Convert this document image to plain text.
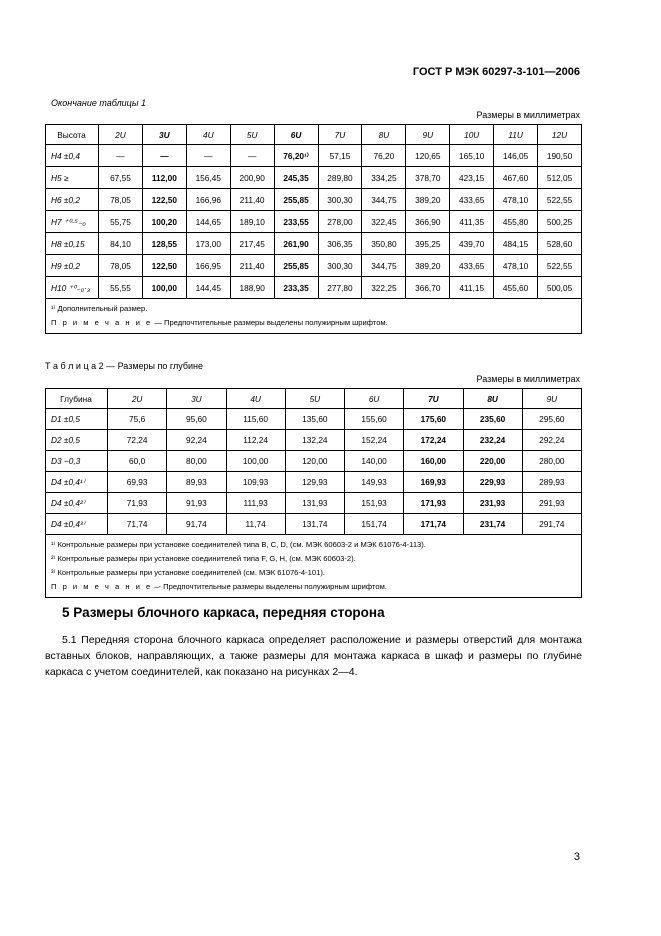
ГОСТ Р МЭК 60297-3-101—2006
Окончание таблицы 1
Размеры в миллиметрах
Высота	2U	3U	4U	5U	6U	7U	8U	9U	10U	11U	12U
H4 ±0,4	—	—	—	—	76,20¹⁾	57,15	76,20	120,65	165,10	146,05	190,50
H5 ≥	67,55	112,00	156,45	200,90	245,35	289,80	334,25	378,70	423,15	467,60	512,05
H6 ±0,2	78,05	122,50	166,96	211,40	255,85	300,30	344,75	389,20	433,65	478,10	522,55
H7 ⁺⁰·⁵₋₀	55,75	100,20	144,65	189,10	233,55	278,00	322,45	366,90	411,35	455,80	500,25
H8 ±0,15	84,10	128,55	173,00	217,45	261,90	306,35	350,80	395,25	439,70	484,15	528,60
H9 ±0,2	78,05	122,50	166,95	211,40	255,85	300,30	344,75	389,20	433,65	478,10	522,55
H10 ⁺⁰₋₀·₃	55,55	100,00	144,45	188,90	233,35	277,80	322,25	366,70	411,15	455,60	500,05

¹⁾ Дополнительный размер.
П р и м е ч а н и е — Предпочтительные размеры выделены полужирным шрифтом.											
Т а б л и ц а 2 — Размеры по глубине
Размеры в миллиметрах
Глубина	2U	3U	4U	5U	6U	7U	8U	9U
D1 ±0,5	75,6	95,60	115,60	135,60	155,60	175,60	235,60	295,60
D2 ±0,5	72,24	92,24	112,24	132,24	152,24	172,24	232,24	292,24
D3 −0,3	60,0	80,00	100,00	120,00	140,00	160,00	220,00	280,00
D4 ±0,4¹⁾	69,93	89,93	109,93	129,93	149,93	169,93	229,93	289,93
D4 ±0,4²⁾	71,93	91,93	111,93	131,93	151,93	171,93	231,93	291,93
D4 ±0,4³⁾	71,74	91,74	11,74	131,74	151,74	171,74	231,74	291,74

¹⁾ Контрольные размеры при установке соединителей типа B, C, D, (см. МЭК 60603-2 и МЭК 61076-4-113).
²⁾ Контрольные размеры при установке соединителей типа F, G, H, (см. МЭК 60603-2).
³⁾ Контрольные размеры при установке соединителей (см. МЭК 61076-4-101).
П р и м е ч а н и е –- Предпочтительные размеры выделены полужирным шрифтом.								
5 Размеры блочного каркаса, передняя сторона
5.1 Передняя сторона блочного каркаса определяет расположение и размеры отверстий для монтажа вставных блоков, направляющих, а также размеры для монтажа каркаса в шкаф и размеры по глубине каркаса с учетом соединителей, как показано на рисунках 2—4.
3
